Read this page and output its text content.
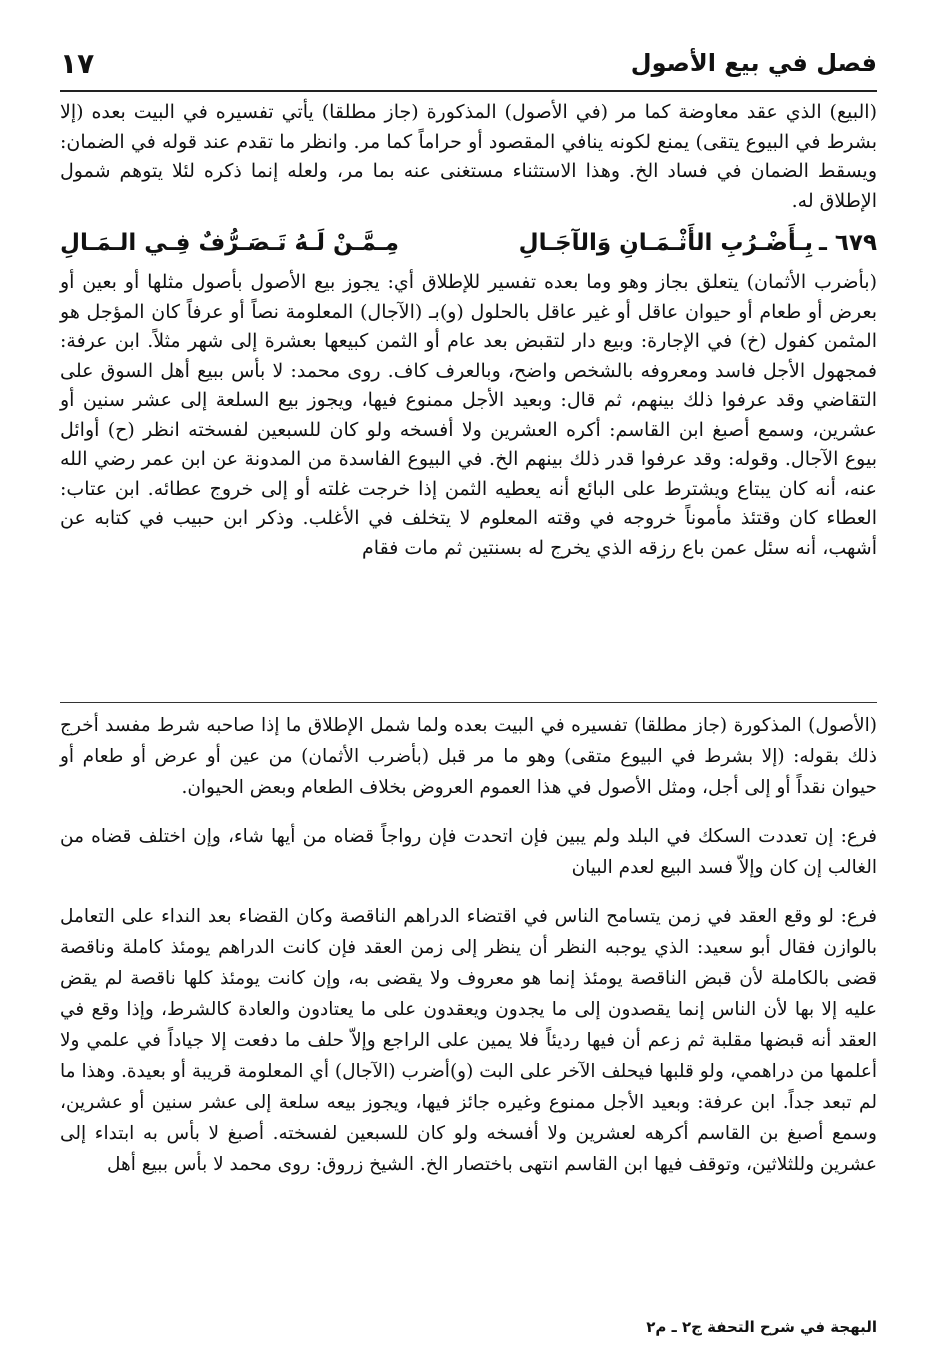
فصل في بيع الأصول
١٧

(البيع) الذي عقد معاوضة كما مر (في الأصول) المذكورة (جاز مطلقا) يأتي تفسيره في البيت بعده (إلا بشرط في البيوع يتقى) يمنع لكونه ينافي المقصود أو حراماً كما مر. وانظر ما تقدم عند قوله في الضمان: ويسقط الضمان في فساد الخ. وهذا الاستثناء مستغنى عنه بما مر، ولعله إنما ذكره لئلا يتوهم شمول الإطلاق له.

٦٧٩ ـ
بِـأَضْـرُبِ الأَثْـمَـانِ وَالآجَـالِ
مِـمَّـنْ لَـهُ تَـصَـرُّفٌ فِـي الـمَـالِ

(بأضرب الأثمان) يتعلق بجاز وهو وما بعده تفسير للإطلاق أي: يجوز بيع الأصول بأصول مثلها أو بعين أو بعرض أو طعام أو حيوان عاقل أو غير عاقل بالحلول (و)بـ (الآجال) المعلومة نصاً أو عرفاً كان المؤجل هو المثمن كفول (خ) في الإجارة: وبيع دار لتقبض بعد عام أو الثمن كبيعها بعشرة إلى شهر مثلاً. ابن عرفة: فمجهول الأجل فاسد ومعروفه بالشخص واضح، وبالعرف كاف. روى محمد: لا بأس ببيع أهل السوق على التقاضي وقد عرفوا ذلك بينهم، ثم قال: وبعيد الأجل ممنوع فيها، ويجوز بيع السلعة إلى عشر سنين أو عشرين، وسمع أصبغ ابن القاسم: أكره العشرين ولا أفسخه ولو كان للسبعين لفسخته انظر (ح) أوائل بيوع الآجال. وقوله: وقد عرفوا قدر ذلك بينهم الخ. في البيوع الفاسدة من المدونة عن ابن عمر رضي الله عنه، أنه كان يبتاع ويشترط على البائع أنه يعطيه الثمن إذا خرجت غلته أو إلى خروج عطائه. ابن عتاب: العطاء كان وقتئذ مأموناً خروجه في وقته المعلوم لا يتخلف في الأغلب. وذكر ابن حبيب في كتابه عن أشهب، أنه سئل عمن باع رزقه الذي يخرج له بسنتين ثم مات فقام

(الأصول) المذكورة (جاز مطلقا) تفسيره في البيت بعده ولما شمل الإطلاق ما إذا صاحبه شرط مفسد أخرج ذلك بقوله: (إلا بشرط في البيوع متقى) وهو ما مر قبل (بأضرب الأثمان) من عين أو عرض أو طعام أو حيوان نقداً أو إلى أجل، ومثل الأصول في هذا العموم العروض بخلاف الطعام وبعض الحيوان.

فرع: إن تعددت السكك في البلد ولم يبين فإن اتحدت فإن رواجاً قضاه من أيها شاء، وإن اختلف قضاه من الغالب إن كان وإلاّ فسد البيع لعدم البيان

فرع: لو وقع العقد في زمن يتسامح الناس في اقتضاء الدراهم الناقصة وكان القضاء بعد النداء على التعامل بالوازن فقال أبو سعيد: الذي يوجبه النظر أن ينظر إلى زمن العقد فإن كانت الدراهم يومئذ كاملة وناقصة قضى بالكاملة لأن قبض الناقصة يومئذ إنما هو معروف ولا يقضى به، وإن كانت يومئذ كلها ناقصة لم يقض عليه إلا بها لأن الناس إنما يقصدون إلى ما يجدون ويعقدون على ما يعتادون والعادة كالشرط، وإذا وقع في العقد أنه قبضها مقلبة ثم زعم أن فيها رديئاً فلا يمين على الراجع وإلاّ حلف ما دفعت إلا جياداً في علمي ولا أعلمها من دراهمي، ولو قلبها فيحلف الآخر على البت (و)أضرب (الآجال) أي المعلومة قريبة أو بعيدة. وهذا ما لم تبعد جداً. ابن عرفة: وبعيد الأجل ممنوع وغيره جائز فيها، ويجوز بيعه سلعة إلى عشر سنين أو عشرين، وسمع أصبغ بن القاسم أكرهه لعشرين ولا أفسخه ولو كان للسبعين لفسخته. أصبغ لا بأس به ابتداء إلى عشرين وللثلاثين، وتوقف فيها ابن القاسم انتهى باختصار الخ. الشيخ زروق: روى محمد لا بأس ببيع أهل

البهجة في شرح التحفة ج٢ ـ م٢
